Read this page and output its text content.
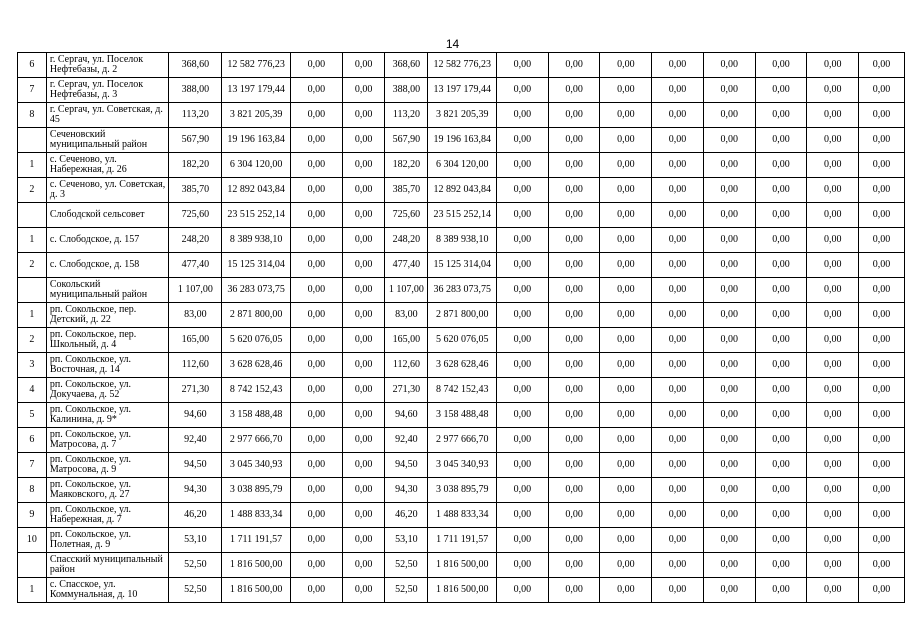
14
6	г. Сергач, ул. Поселок Нефтебазы, д. 2	368,60	12 582 776,23	0,00	0,00	368,60	12 582 776,23	0,00	0,00	0,00	0,00	0,00	0,00	0,00	0,00
7	г. Сергач, ул. Поселок Нефтебазы, д. 3	388,00	13 197 179,44	0,00	0,00	388,00	13 197 179,44	0,00	0,00	0,00	0,00	0,00	0,00	0,00	0,00
8	г. Сергач, ул. Советская, д. 45	113,20	3 821 205,39	0,00	0,00	113,20	3 821 205,39	0,00	0,00	0,00	0,00	0,00	0,00	0,00	0,00
	Сеченовский муниципальный район	567,90	19 196 163,84	0,00	0,00	567,90	19 196 163,84	0,00	0,00	0,00	0,00	0,00	0,00	0,00	0,00
1	с. Сеченово, ул. Набережная, д. 26	182,20	6 304 120,00	0,00	0,00	182,20	6 304 120,00	0,00	0,00	0,00	0,00	0,00	0,00	0,00	0,00
2	с. Сеченово, ул. Советская, д. 3	385,70	12 892 043,84	0,00	0,00	385,70	12 892 043,84	0,00	0,00	0,00	0,00	0,00	0,00	0,00	0,00
	Слободской сельсовет	725,60	23 515 252,14	0,00	0,00	725,60	23 515 252,14	0,00	0,00	0,00	0,00	0,00	0,00	0,00	0,00
1	с. Слободское, д. 157	248,20	8 389 938,10	0,00	0,00	248,20	8 389 938,10	0,00	0,00	0,00	0,00	0,00	0,00	0,00	0,00
2	с. Слободское, д. 158	477,40	15 125 314,04	0,00	0,00	477,40	15 125 314,04	0,00	0,00	0,00	0,00	0,00	0,00	0,00	0,00
	Сокольский муниципальный район	1 107,00	36 283 073,75	0,00	0,00	1 107,00	36 283 073,75	0,00	0,00	0,00	0,00	0,00	0,00	0,00	0,00
1	рп. Сокольское, пер. Детский, д. 22	83,00	2 871 800,00	0,00	0,00	83,00	2 871 800,00	0,00	0,00	0,00	0,00	0,00	0,00	0,00	0,00
2	рп. Сокольское, пер. Школьный, д. 4	165,00	5 620 076,05	0,00	0,00	165,00	5 620 076,05	0,00	0,00	0,00	0,00	0,00	0,00	0,00	0,00
3	рп. Сокольское, ул. Восточная, д. 14	112,60	3 628 628,46	0,00	0,00	112,60	3 628 628,46	0,00	0,00	0,00	0,00	0,00	0,00	0,00	0,00
4	рп. Сокольское, ул. Докучаева, д. 52	271,30	8 742 152,43	0,00	0,00	271,30	8 742 152,43	0,00	0,00	0,00	0,00	0,00	0,00	0,00	0,00
5	рп. Сокольское, ул. Калинина, д. 9*	94,60	3 158 488,48	0,00	0,00	94,60	3 158 488,48	0,00	0,00	0,00	0,00	0,00	0,00	0,00	0,00
6	рп. Сокольское, ул. Матросова, д. 7	92,40	2 977 666,70	0,00	0,00	92,40	2 977 666,70	0,00	0,00	0,00	0,00	0,00	0,00	0,00	0,00
7	рп. Сокольское, ул. Матросова, д. 9	94,50	3 045 340,93	0,00	0,00	94,50	3 045 340,93	0,00	0,00	0,00	0,00	0,00	0,00	0,00	0,00
8	рп. Сокольское, ул. Маяковского, д. 27	94,30	3 038 895,79	0,00	0,00	94,30	3 038 895,79	0,00	0,00	0,00	0,00	0,00	0,00	0,00	0,00
9	рп. Сокольское, ул. Набережная, д. 7	46,20	1 488 833,34	0,00	0,00	46,20	1 488 833,34	0,00	0,00	0,00	0,00	0,00	0,00	0,00	0,00
10	рп. Сокольское, ул. Полетная, д. 9	53,10	1 711 191,57	0,00	0,00	53,10	1 711 191,57	0,00	0,00	0,00	0,00	0,00	0,00	0,00	0,00
	Спасский муниципальный район	52,50	1 816 500,00	0,00	0,00	52,50	1 816 500,00	0,00	0,00	0,00	0,00	0,00	0,00	0,00	0,00
1	с. Спасское, ул. Коммунальная, д. 10	52,50	1 816 500,00	0,00	0,00	52,50	1 816 500,00	0,00	0,00	0,00	0,00	0,00	0,00	0,00	0,00
